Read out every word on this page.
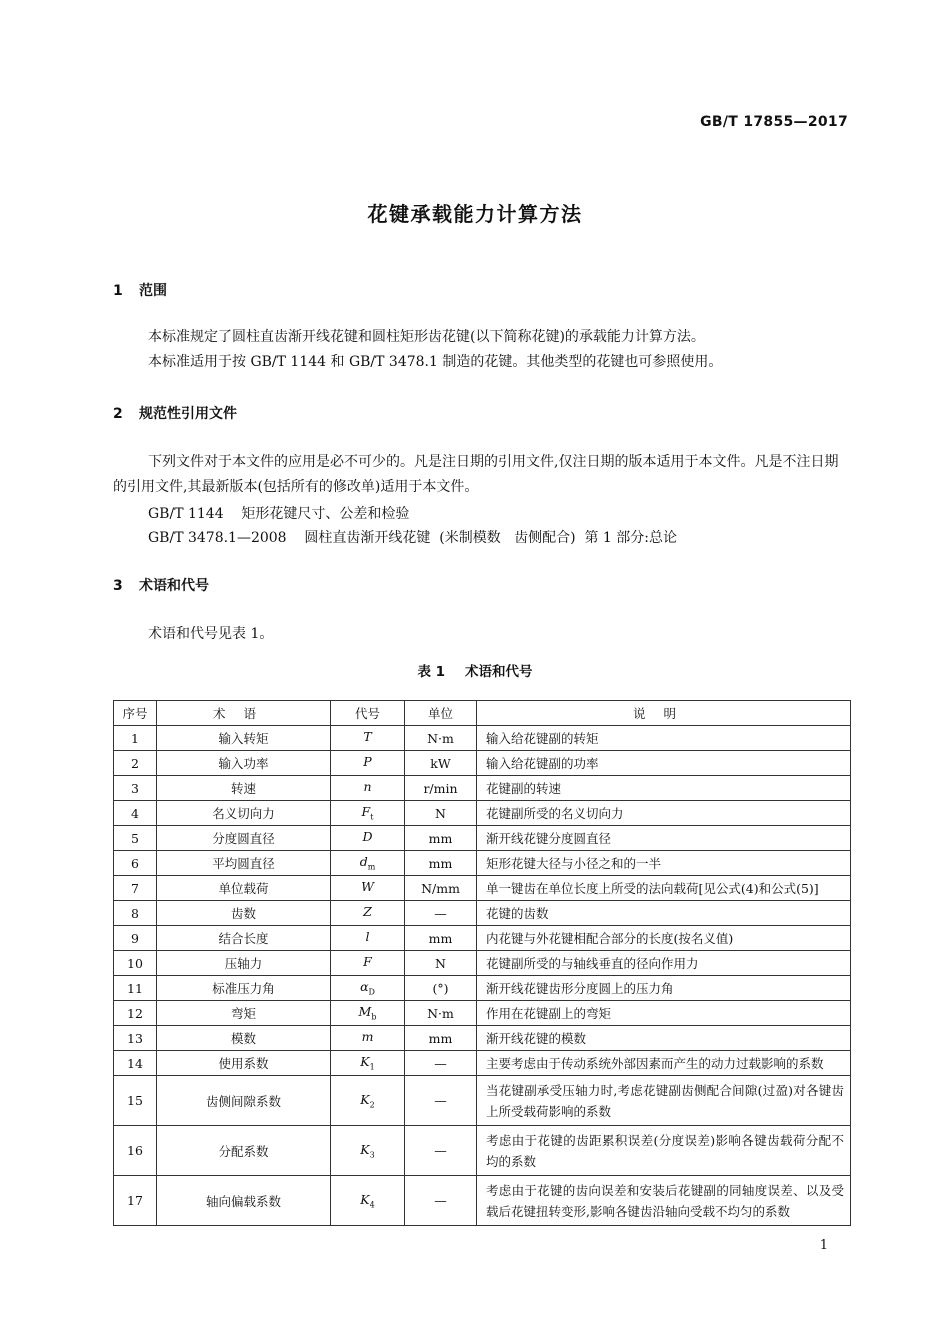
GB/T 17855—2017
花键承载能力计算方法
1 范围
本标准规定了圆柱直齿渐开线花键和圆柱矩形齿花键(以下简称花键)的承载能力计算方法。
本标准适用于按 GB/T 1144 和 GB/T 3478.1 制造的花键。其他类型的花键也可参照使用。
2 规范性引用文件
下列文件对于本文件的应用是必不可少的。凡是注日期的引用文件,仅注日期的版本适用于本文件。凡是不注日期的引用文件,其最新版本(包括所有的修改单)适用于本文件。
GB/T 1144 矩形花键尺寸、公差和检验
GB/T 3478.1—2008 圆柱直齿渐开线花键  (米制模数   齿侧配合)  第 1 部分:总论
3 术语和代号
术语和代号见表 1。
表 1 术语和代号
序号	术语	代号	单位	说明
1	输入转矩	T	N·m	输入给花键副的转矩
2	输入功率	P	kW	输入给花键副的功率
3	转速	n	r/min	花键副的转速
4	名义切向力	$F_t$	N	花键副所受的名义切向力
5	分度圆直径	D	mm	渐开线花键分度圆直径
6	平均圆直径	$d_m$	mm	矩形花键大径与小径之和的一半
7	单位载荷	W	N/mm	单一键齿在单位长度上所受的法向载荷[见公式(4)和公式(5)]
8	齿数	Z	—	花键的齿数
9	结合长度	l	mm	内花键与外花键相配合部分的长度(按名义值)
10	压轴力	F	N	花键副所受的与轴线垂直的径向作用力
11	标准压力角	$\alpha_D$	(°)	渐开线花键齿形分度圆上的压力角
12	弯矩	$M_b$	N·m	作用在花键副上的弯矩
13	模数	m	mm	渐开线花键的模数
14	使用系数	$K_1$	—	主要考虑由于传动系统外部因素而产生的动力过载影响的系数
15	齿侧间隙系数	$K_2$	—	当花键副承受压轴力时,考虑花键副齿侧配合间隙(过盈)对各键齿上所受载荷影响的系数
16	分配系数	$K_3$	—	考虑由于花键的齿距累积误差(分度误差)影响各键齿载荷分配不均的系数
17	轴向偏载系数	$K_4$	—	考虑由于花键的齿向误差和安装后花键副的同轴度误差、以及受载后花键扭转变形,影响各键齿沿轴向受载不均匀的系数
1
